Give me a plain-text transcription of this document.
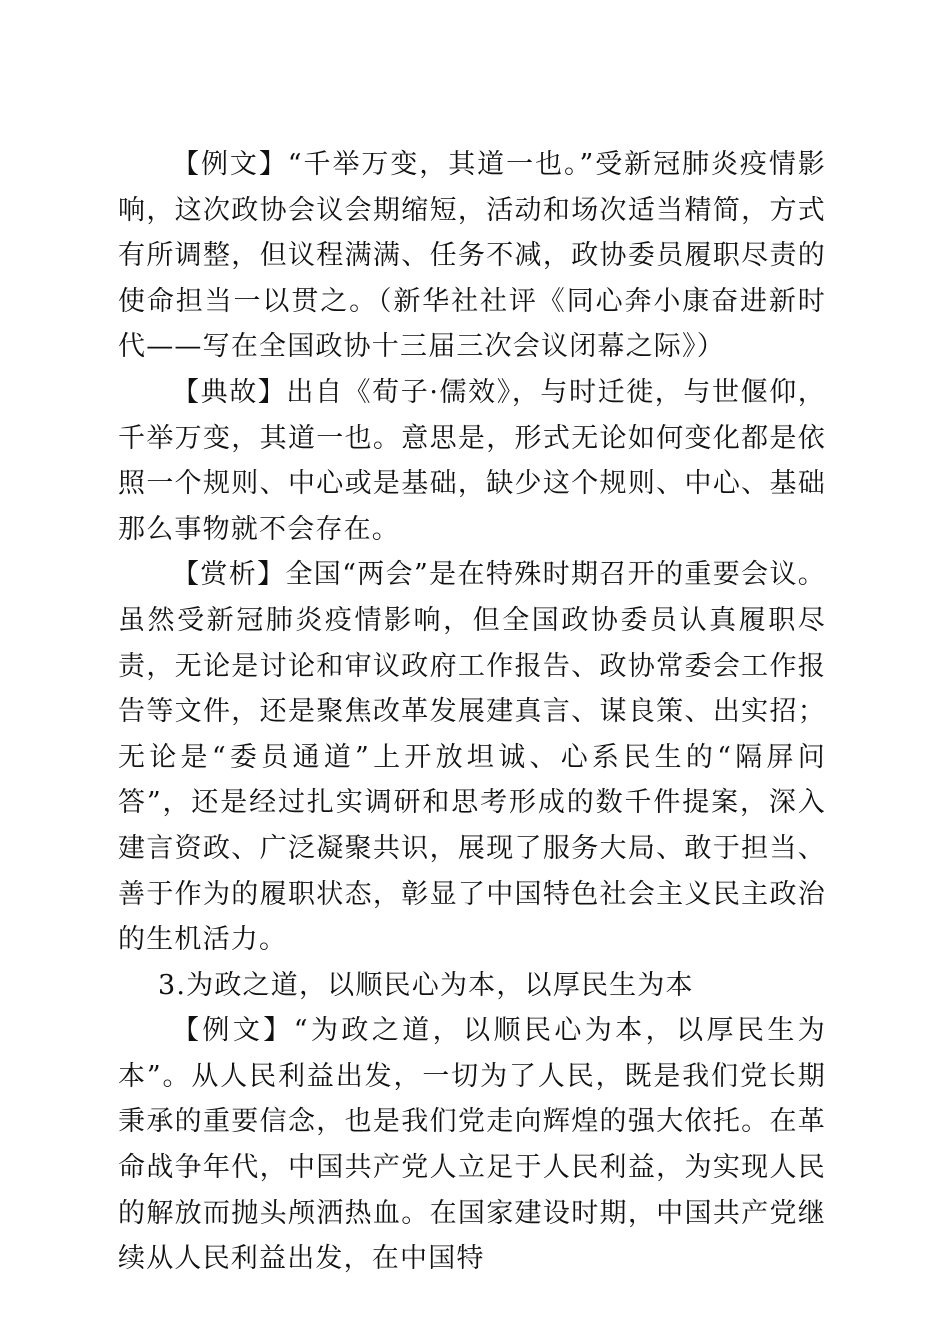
【例文】“千举万变，其道一也。”受新冠肺炎疫情影响，这次政协会议会期缩短，活动和场次适当精简，方式有所调整，但议程满满、任务不减，政协委员履职尽责的使命担当一以贯之。（新华社社评《同心奔小康奋进新时代——写在全国政协十三届三次会议闭幕之际》）

【典故】出自《荀子·儒效》，与时迁徙，与世偃仰，千举万变，其道一也。意思是，形式无论如何变化都是依照一个规则、中心或是基础，缺少这个规则、中心、基础那么事物就不会存在。

【赏析】全国“两会”是在特殊时期召开的重要会议。虽然受新冠肺炎疫情影响，但全国政协委员认真履职尽责，无论是讨论和审议政府工作报告、政协常委会工作报告等文件，还是聚焦改革发展建真言、谋良策、出实招；无论是“委员通道”上开放坦诚、心系民生的“隔屏问答”，还是经过扎实调研和思考形成的数千件提案，深入建言资政、广泛凝聚共识，展现了服务大局、敢于担当、善于作为的履职状态，彰显了中国特色社会主义民主政治的生机活力。

3.为政之道，以顺民心为本，以厚民生为本

【例文】“为政之道，以顺民心为本，以厚民生为本”。从人民利益出发，一切为了人民，既是我们党长期秉承的重要信念，也是我们党走向辉煌的强大依托。在革命战争年代，中国共产党人立足于人民利益，为实现人民的解放而抛头颅洒热血。在国家建设时期，中国共产党继续从人民利益出发，在中国特
